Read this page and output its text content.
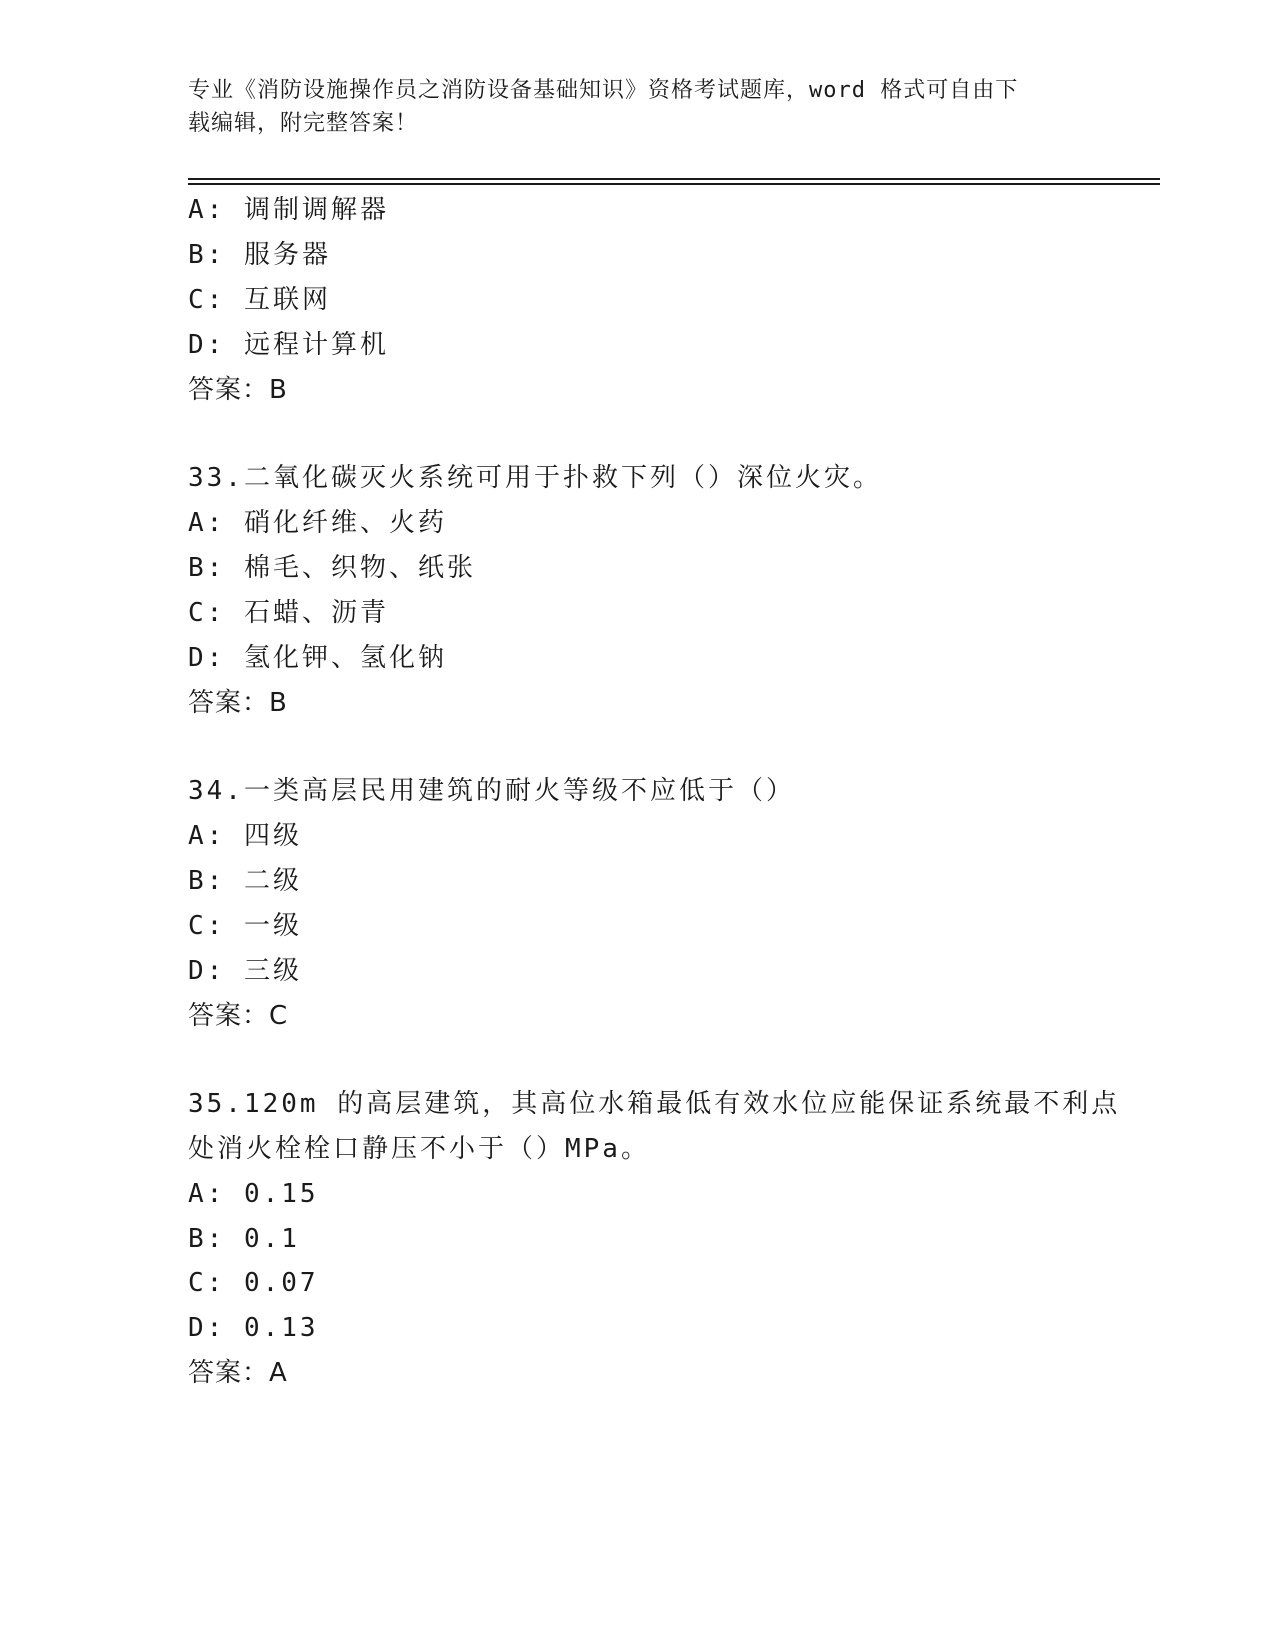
专业《消防设施操作员之消防设备基础知识》资格考试题库，word 格式可自由下
载编辑，附完整答案！
A: 调制调解器
B: 服务器
C: 互联网
D: 远程计算机
答案：B
33.二氧化碳灭火系统可用于扑救下列（）深位火灾。
A: 硝化纤维、火药
B: 棉毛、织物、纸张
C: 石蜡、沥青
D: 氢化钾、氢化钠
答案：B
34.一类高层民用建筑的耐火等级不应低于（）
A: 四级
B: 二级
C: 一级
D: 三级
答案：C
35.120m 的高层建筑，其高位水箱最低有效水位应能保证系统最不利点
处消火栓栓口静压不小于（）MPa。
A: 0.15
B: 0.1
C: 0.07
D: 0.13
答案：A
